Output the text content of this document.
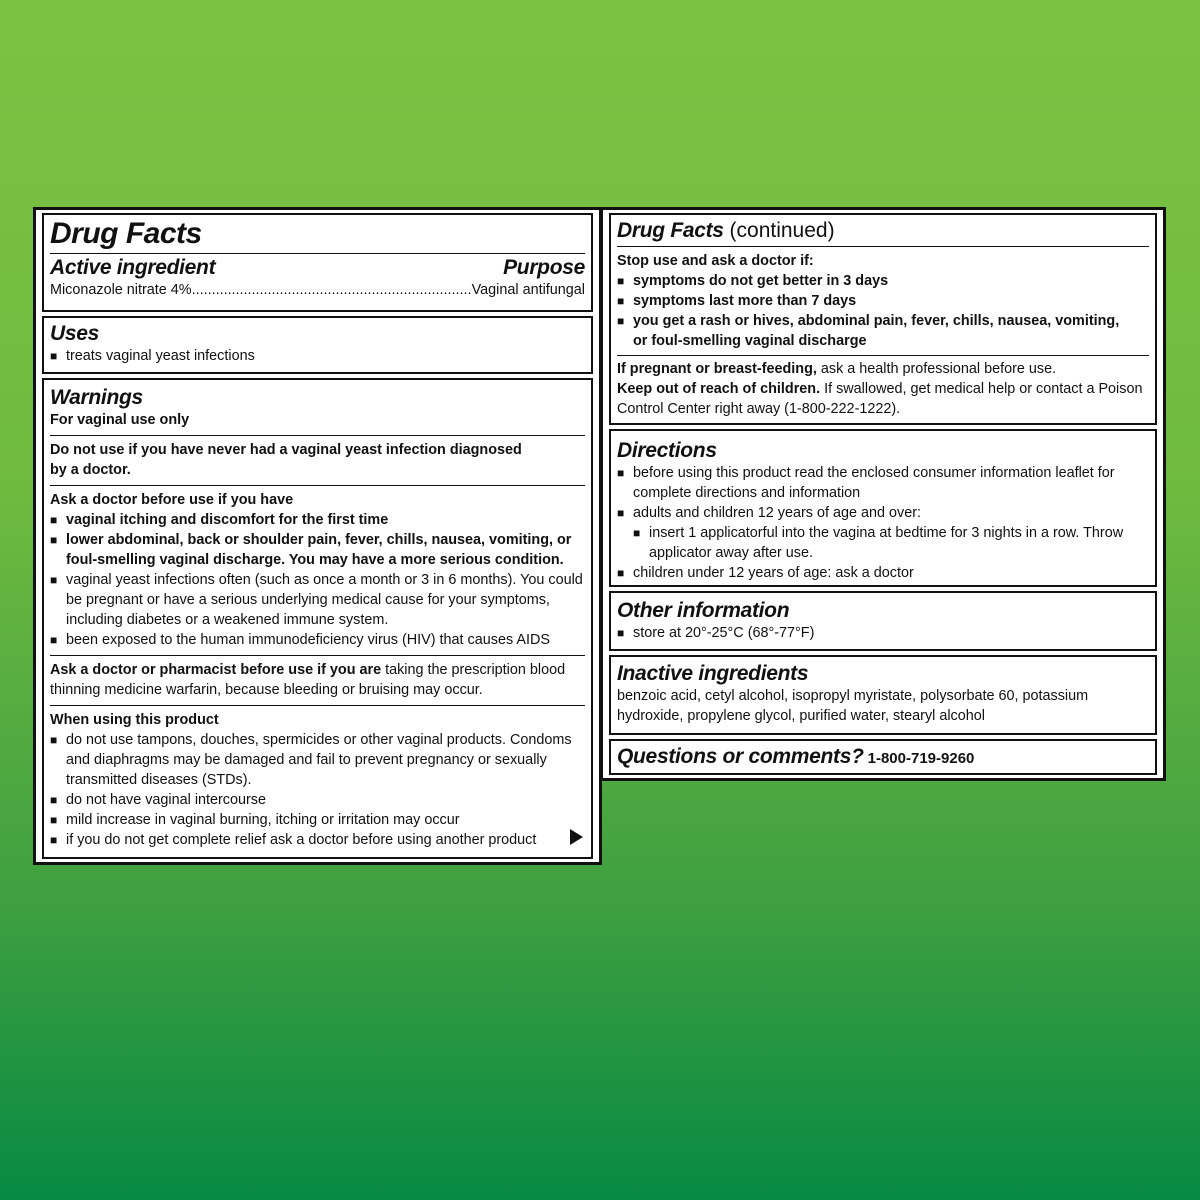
Drug Facts

Active ingredient	Purpose
Miconazole nitrate 4%...................................................................... Vaginal antifungal

Uses

■ treats vaginal yeast infections

Warnings

For vaginal use only

Do not use if you have never had a vaginal yeast infection diagnosed by a doctor.

Ask a doctor before use if you have

■ vaginal itching and discomfort for the first time

■ lower abdominal, back or shoulder pain, fever, chills, nausea, vomiting, or foul-smelling vaginal discharge. You may have a more serious condition.

■ vaginal yeast infections often (such as once a month or 3 in 6 months). You could be pregnant or have a serious underlying medical cause for your symptoms, including diabetes or a weakened immune system.

■ been exposed to the human immunodeficiency virus (HIV) that causes AIDS

Ask a doctor or pharmacist before use if you are taking the prescription blood thinning medicine warfarin, because bleeding or bruising may occur.

When using this product

■ do not use tampons, douches, spermicides or other vaginal products. Condoms and diaphragms may be damaged and fail to prevent pregnancy or sexually transmitted diseases (STDs).

■ do not have vaginal intercourse

■ mild increase in vaginal burning, itching or irritation may occur

■ if you do not get complete relief ask a doctor before using another product

Drug Facts (continued)

Stop use and ask a doctor if:

■ symptoms do not get better in 3 days

■ symptoms last more than 7 days

■ you get a rash or hives, abdominal pain, fever, chills, nausea, vomiting, or foul-smelling vaginal discharge

If pregnant or breast-feeding, ask a health professional before use.

Keep out of reach of children. If swallowed, get medical help or contact a Poison Control Center right away (1-800-222-1222).

Directions

■ before using this product read the enclosed consumer information leaflet for complete directions and information

■ adults and children 12 years of age and over:

■ insert 1 applicatorful into the vagina at bedtime for 3 nights in a row. Throw applicator away after use.

■ children under 12 years of age: ask a doctor

Other information

■ store at 20°-25°C (68°-77°F)

Inactive ingredients

benzoic acid, cetyl alcohol, isopropyl myristate, polysorbate 60, potassium hydroxide, propylene glycol, purified water, stearyl alcohol

Questions or comments? 1-800-719-9260
